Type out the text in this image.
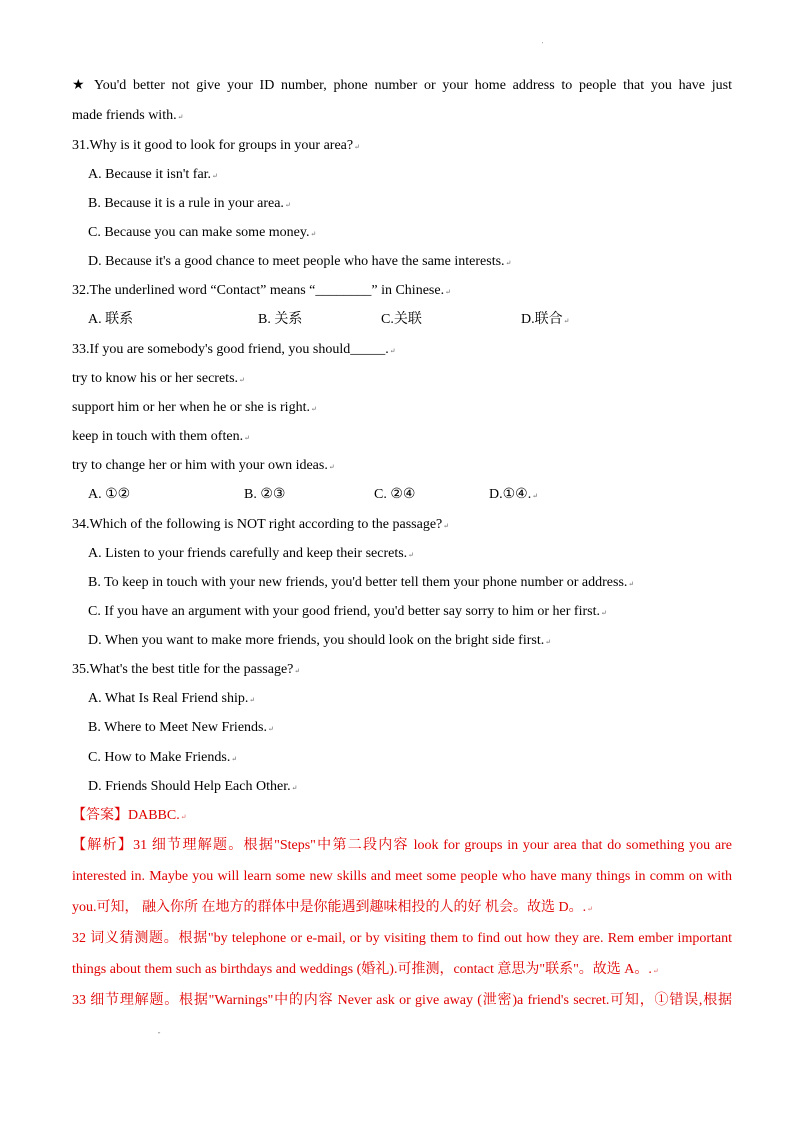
′
★ You'd better not give your ID number, phone number or your home address to people that you have just
made friends with.↵
31.Why is it good to look for groups in your area?↵
A. Because it isn't far.↵
B. Because it is a rule in your area.↵
C. Because you can make some money.↵
D. Because it's a good chance to meet people who have the same interests.↵
32.The underlined word “Contact” means “________” in Chinese.↵
A. 联系	B. 关系	C.关联	D.联合↵
33.If you are somebody's good friend, you should_____.↵
try to know his or her secrets.↵
support him or her when he or she is right.↵
keep in touch with them often.↵
try to change her or him with your own ideas.↵
A. ①②	B. ②③	C. ②④	D.①④.↵
34.Which of the following is NOT right according to the passage?↵
A. Listen to your friends carefully and keep their secrets.↵
B. To keep in touch with your new friends, you'd better tell them your phone number or address.↵
C. If you have an argument with your good friend, you'd better say sorry to him or her first.↵
D. When you want to make more friends, you should look on the bright side first.↵
35.What's the best title for the passage?↵
A. What Is Real Friend ship.↵
B. Where to Meet New Friends.↵
C. How to Make Friends.↵
D. Friends Should Help Each Other.↵
【答案】DABBC.↵
【解析】31 细节理解题。根据"Steps"中第二段内容 look for groups in your area that do something you are
interested in. Maybe you will learn some new skills and meet some people who have many things in comm on with
you.可知， 融入你所 在地方的群体中是你能遇到趣味相投的人的好 机会。故选 D。.↵
32 词义猜测题。根据"by telephone or e-mail, or by visiting them to find out how they are. Rem ember important
things about them such as birthdays and weddings (婚礼).可推测，contact 意思为"联系"。故选 A。.↵
33 细节理解题。根据"Warnings"中的内容 Never ask or give away (泄密)a friend's secret.可知，①错误,根据
″
